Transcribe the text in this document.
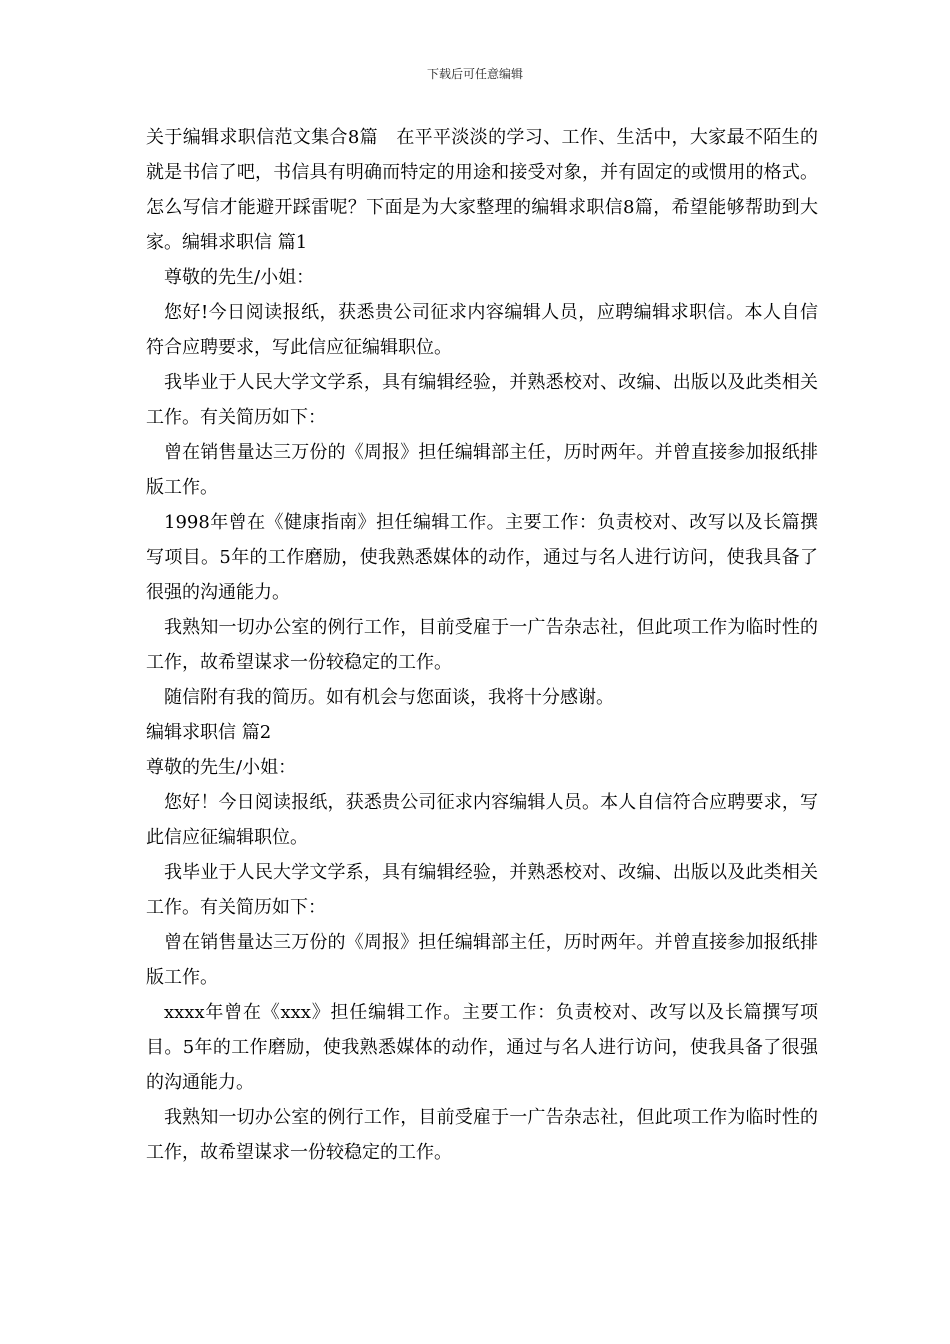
下载后可任意编辑

关于编辑求职信范文集合8篇　在平平淡淡的学习、工作、生活中，大家最不陌生的就是书信了吧，书信具有明确而特定的用途和接受对象，并有固定的或惯用的格式。怎么写信才能避开踩雷呢？下面是为大家整理的编辑求职信8篇，希望能够帮助到大家。编辑求职信 篇1

尊敬的先生/小姐：

您好!今日阅读报纸，获悉贵公司征求内容编辑人员，应聘编辑求职信。本人自信符合应聘要求，写此信应征编辑职位。

我毕业于人民大学文学系，具有编辑经验，并熟悉校对、改编、出版以及此类相关工作。有关简历如下：

曾在销售量达三万份的《周报》担任编辑部主任，历时两年。并曾直接参加报纸排版工作。

1998年曾在《健康指南》担任编辑工作。主要工作：负责校对、改写以及长篇撰写项目。5年的工作磨励，使我熟悉媒体的动作，通过与名人进行访问，使我具备了很强的沟通能力。

我熟知一切办公室的例行工作，目前受雇于一广告杂志社，但此项工作为临时性的工作，故希望谋求一份较稳定的工作。

随信附有我的简历。如有机会与您面谈，我将十分感谢。

编辑求职信 篇2

尊敬的先生/小姐：

您好！今日阅读报纸，获悉贵公司征求内容编辑人员。本人自信符合应聘要求，写此信应征编辑职位。

我毕业于人民大学文学系，具有编辑经验，并熟悉校对、改编、出版以及此类相关工作。有关简历如下：

曾在销售量达三万份的《周报》担任编辑部主任，历时两年。并曾直接参加报纸排版工作。

xxxx年曾在《xxx》担任编辑工作。主要工作：负责校对、改写以及长篇撰写项目。5年的工作磨励，使我熟悉媒体的动作，通过与名人进行访问，使我具备了很强的沟通能力。

我熟知一切办公室的例行工作，目前受雇于一广告杂志社，但此项工作为临时性的工作，故希望谋求一份较稳定的工作。
